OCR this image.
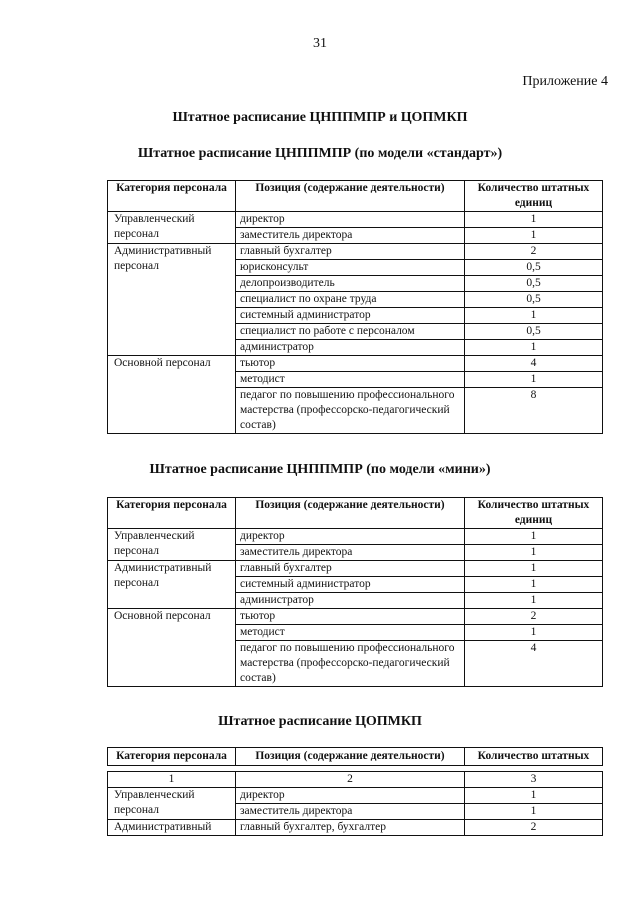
31
Приложение 4
Штатное расписание ЦНППМПР и ЦОПМКП
Штатное расписание ЦНППМПР (по модели «стандарт»)
Категория персонала	Позиция (содержание деятельности)	Количество штатных единиц
Управленческий персонал	директор	1
	заместитель директора	1
Административный персонал	главный бухгалтер	2
	юрисконсульт	0,5
	делопроизводитель	0,5
	специалист по охране труда	0,5
	системный администратор	1
	специалист по работе с персоналом	0,5
	администратор	1
Основной персонал	тьютор	4
	методист	1
	педагог по повышению профессионального мастерства (профессорско-педагогический состав)	8
Штатное расписание ЦНППМПР (по модели «мини»)
Категория персонала	Позиция (содержание деятельности)	Количество штатных единиц
Управленческий персонал	директор	1
	заместитель директора	1
Административный персонал	главный бухгалтер	1
	системный администратор	1
	администратор	1
Основной персонал	тьютор	2
	методист	1
	педагог по повышению профессионального мастерства (профессорско-педагогический состав)	4
Штатное расписание ЦОПМКП
Категория персонала	Позиция (содержание деятельности)	Количество штатных

1	2	3
Управленческий персонал	директор	1
	заместитель директора	1
Административный	главный бухгалтер, бухгалтер	2
